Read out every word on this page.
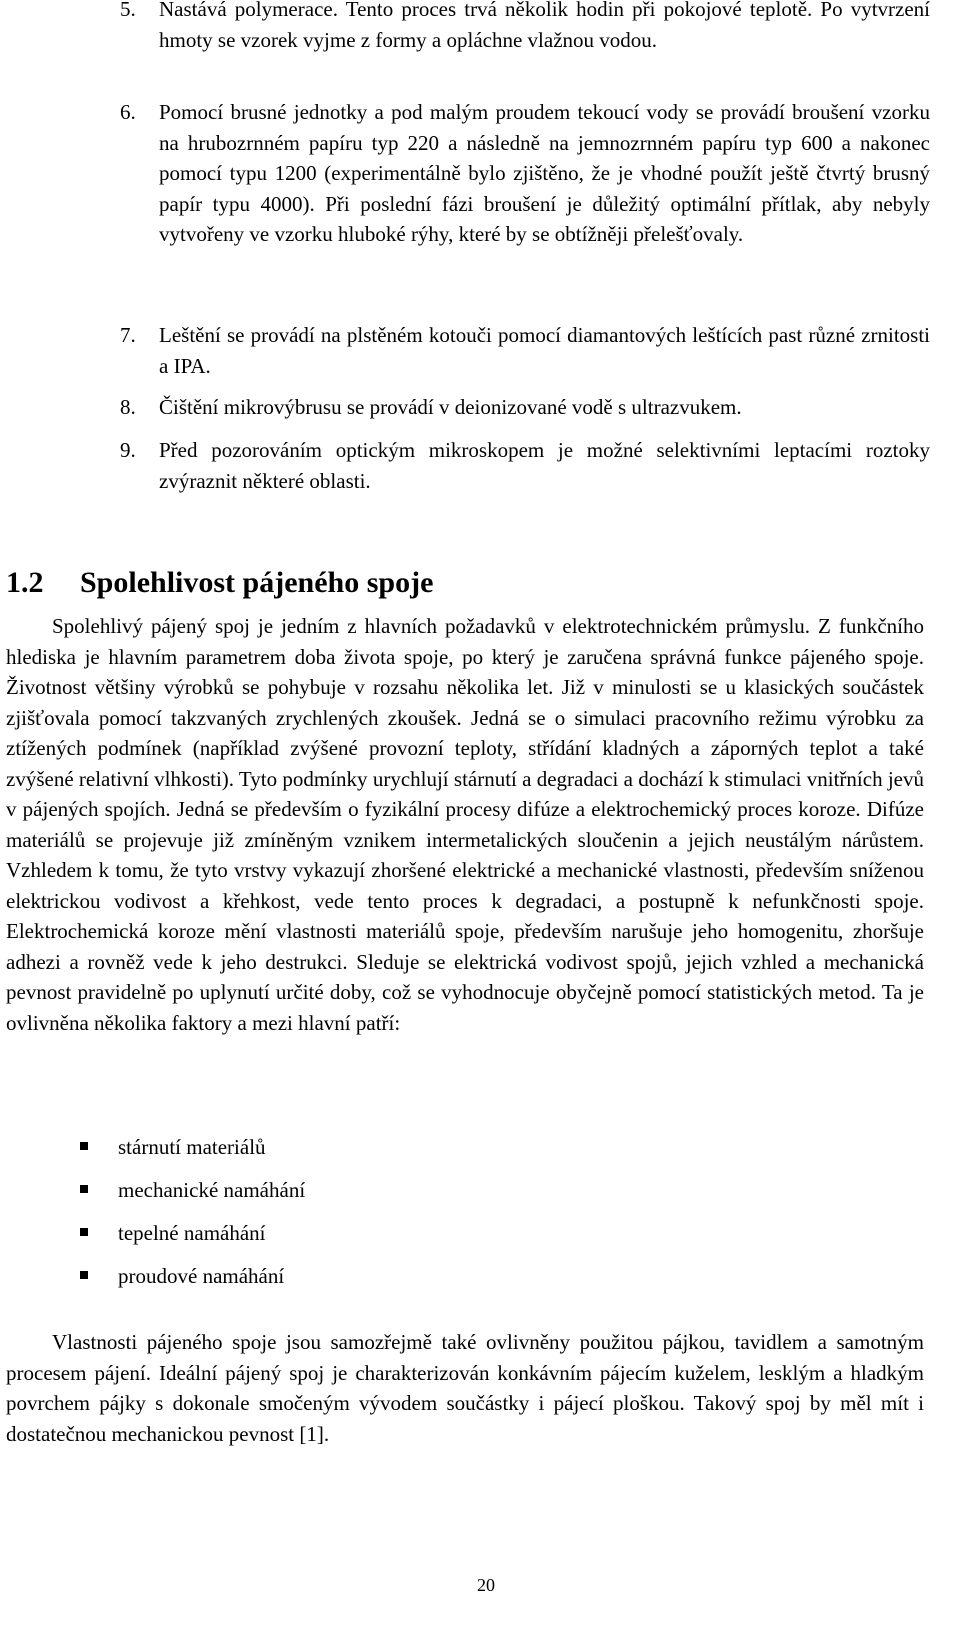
5. Nastává polymerace. Tento proces trvá několik hodin při pokojové teplotě. Po vytvrzení hmoty se vzorek vyjme z formy a opláchne vlažnou vodou.
6. Pomocí brusné jednotky a pod malým proudem tekoucí vody se provádí broušení vzorku na hrubozrnném papíru typ 220 a následně na jemnozrnném papíru typ 600 a nakonec pomocí typu 1200 (experimentálně bylo zjištěno, že je vhodné použít ještě čtvrtý brusný papír typu 4000). Při poslední fázi broušení je důležitý optimální přítlak, aby nebyly vytvořeny ve vzorku hluboké rýhy, které by se obtížněji přelešťovaly.
7. Leštění se provádí na plstěném kotouči pomocí diamantových leštících past různé zrnitosti a IPA.
8. Čištění mikrovýbrusu se provádí v deionizované vodě s ultrazvukem.
9. Před pozorováním optickým mikroskopem je možné selektivními leptacími roztoky zvýraznit některé oblasti.
1.2 Spolehlivost pájeného spoje

Spolehlivý pájený spoj je jedním z hlavních požadavků v elektrotechnickém průmyslu. Z funkčního hlediska je hlavním parametrem doba života spoje, po který je zaručena správná funkce pájeného spoje. Životnost většiny výrobků se pohybuje v rozsahu několika let. Již v minulosti se u klasických součástek zjišťovala pomocí takzvaných zrychlených zkoušek. Jedná se o simulaci pracovního režimu výrobku za ztížených podmínek (například zvýšené provozní teploty, střídání kladných a záporných teplot a také zvýšené relativní vlhkosti). Tyto podmínky urychlují stárnutí a degradaci a dochází k stimulaci vnitřních jevů v pájených spojích. Jedná se především o fyzikální procesy difúze a elektrochemický proces koroze. Difúze materiálů se projevuje již zmíněným vznikem intermetalických sloučenin a jejich neustálým nárůstem. Vzhledem k tomu, že tyto vrstvy vykazují zhoršené elektrické a mechanické vlastnosti, především sníženou elektrickou vodivost a křehkost, vede tento proces k degradaci, a postupně k nefunkčnosti spoje. Elektrochemická koroze mění vlastnosti materiálů spoje, především narušuje jeho homogenitu, zhoršuje adhezi a rovněž vede k jeho destrukci. Sleduje se elektrická vodivost spojů, jejich vzhled a mechanická pevnost pravidelně po uplynutí určité doby, což se vyhodnocuje obyčejně pomocí statistických metod. Ta je ovlivněna několika faktory a mezi hlavní patří:

stárnutí materiálů
mechanické namáhání
tepelné namáhání
proudové namáhání

Vlastnosti pájeného spoje jsou samozřejmě také ovlivněny použitou pájkou, tavidlem a samotným procesem pájení. Ideální pájený spoj je charakterizován konkávním pájecím kuželem, lesklým a hladkým povrchem pájky s dokonale smočeným vývodem součástky i pájecí ploškou. Takový spoj by měl mít i dostatečnou mechanickou pevnost [1].

20
